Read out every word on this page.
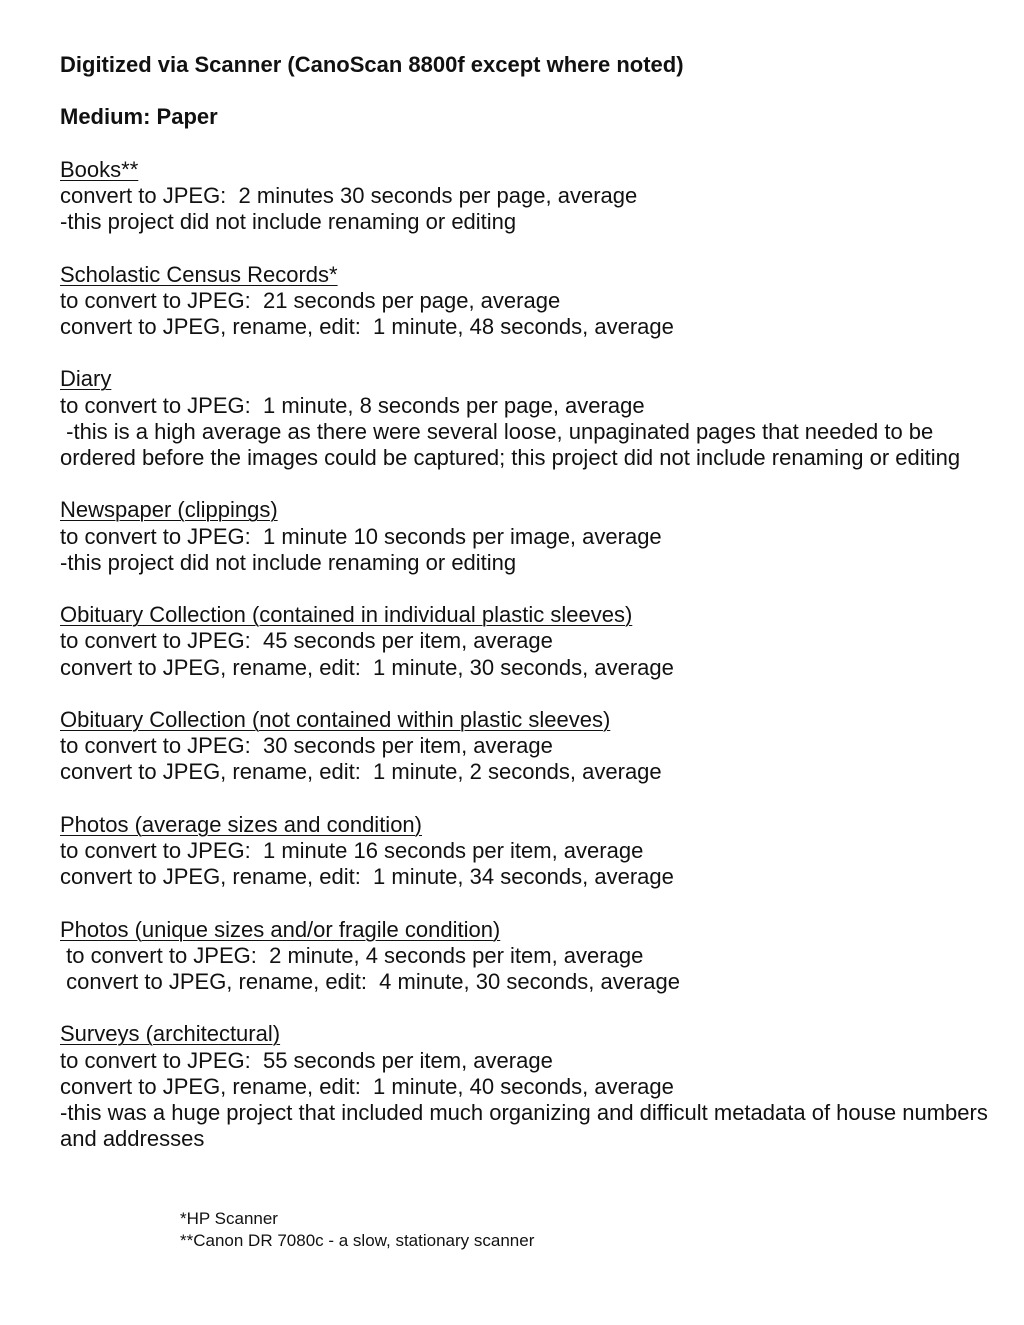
Digitized via Scanner (CanoScan 8800f except where noted)
Medium: Paper
Books**
convert to JPEG:  2 minutes 30 seconds per page, average
-this project did not include renaming or editing
Scholastic Census Records*
to convert to JPEG:  21 seconds per page, average
convert to JPEG, rename, edit:  1 minute, 48 seconds, average
Diary
to convert to JPEG:  1 minute, 8 seconds per page, average
-this is a high average as there were several loose, unpaginated pages that needed to be ordered before the images could be captured; this project did not include renaming or editing
Newspaper (clippings)
to convert to JPEG:  1 minute 10 seconds per image, average
-this project did not include renaming or editing
Obituary Collection (contained in individual plastic sleeves)
to convert to JPEG:  45 seconds per item, average
convert to JPEG, rename, edit:  1 minute, 30 seconds, average
Obituary Collection (not contained within plastic sleeves)
to convert to JPEG:  30 seconds per item, average
convert to JPEG, rename, edit:  1 minute, 2 seconds, average
Photos (average sizes and condition)
to convert to JPEG:  1 minute 16 seconds per item, average
convert to JPEG, rename, edit:  1 minute, 34 seconds, average
Photos (unique sizes and/or fragile condition)
to convert to JPEG:  2 minute, 4 seconds per item, average
convert to JPEG, rename, edit:  4 minute, 30 seconds, average
Surveys (architectural)
to convert to JPEG:  55 seconds per item, average
convert to JPEG, rename, edit:  1 minute, 40 seconds, average
-this was a huge project that included much organizing and difficult metadata of house numbers and addresses
*HP Scanner
**Canon DR 7080c - a slow, stationary scanner
